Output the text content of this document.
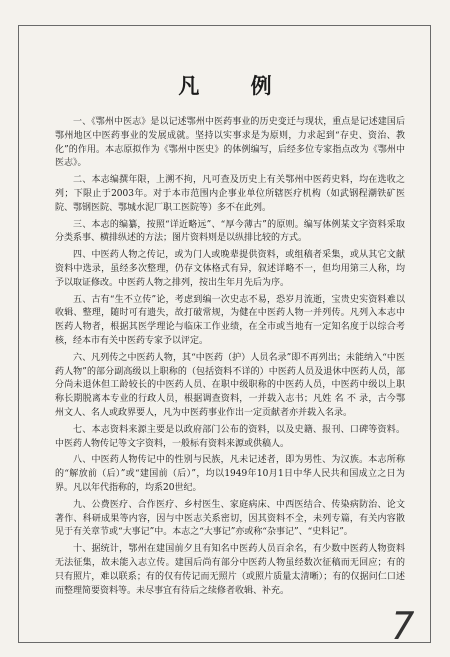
凡 例

一、《鄂州中医志》是以记述鄂州中医药事业的历史变迁与现状，重点是记述建国后鄂州地区中医药事业的发展成就。坚持以实事求是为原则，力求起到“存史、资治、教化”的作用。本志原拟作为《鄂州中医史》的体例编写，后经多位专家指点改为《鄂州中医志》。

二、本志编撰年限，上溯不拘，凡可查及历史上有关鄂州中医药史料，均在选收之列；下限止于2003年。对于本市范围内企事业单位所辖医疗机构（如武钢程潮铁矿医院、鄂钢医院、鄂城水泥厂职工医院等）多不在此列。

三、本志的编纂，按照“详近略远”、“厚今薄古”的原则。编写体例某文字资料采取分类系事、横排纵述的方法；图片资料则是以纵排比较的方式。

四、中医药人物之传记，或为门人或晚辈提供资料，或组稿者采集，或从其它文献资料中选录，虽经多次整理，仍存文体格式有异，叙述详略不一，但均用第三人称，均予以取证修改。中医药人物之排列，按出生年月先后为序。

五、古有“生不立传”论，考虑到编一次史志不易，恐岁月流逝，宝贵史实资料难以收辑、整理，随时可有遗失，故打破常规，为健在中医药人物一并列传。凡列入本志中医药人物者，根据其医学理论与临床工作业绩，在全市或当地有一定知名度于以综合考核，经本市有关中医药专家予以评定。

六、凡列传之中医药人物，其“中医药（护）人员名录”即不再列出；未能纳入“中医药人物”的部分副高级以上职称的（包括资料不详的）中医药人员及退休中医药人员，部分尚未退休但工龄较长的中医药人员、在职中级职称的中医药人员，中医药中级以上职称长期脱离本专业的行政人员，根据调查资料，一并载入志书；凡姓 名 不 录，古今鄂州文人、名人或政界要人，凡为中医药事业作出一定贡献者亦并载入名录。

七、本志资料来源主要是以政府部门公布的资料，以及史籍、报刊、口碑等资料。中医药人物传记等文字资料，一般标有资料来源或供稿人。

八、中医药人物传记中的性别与民族，凡未记述者，即为男性、为汉族。本志所称的“解放前（后）”或“建国前（后）”，均以1949年10月1日中华人民共和国成立之日为界。凡以年代指称的，均系20世纪。

九、公费医疗、合作医疗、乡村医生、家庭病床、中西医结合、传染病防治、论文著作、科研成果等内容，因与中医志关系密切，因其资料不全，未列专篇，有关内容散见于有关章节或“大事记”中。本志之“大事记”亦或称“杂事记”、“史料记”。

十、据统计，鄂州在建国前夕且有知名中医药人员百余名，有少数中医药人物资料无法征集，故未能入志立传。建国后尚有部分中医药人物虽经数次征稿而无回应；有的只有照片，难以联系；有的仅有传记而无照片（或照片质量太清晰）；有的仅据问仁口述而整理简要资料等。未尽事宜有待后之续修者收辑、补充。

7
